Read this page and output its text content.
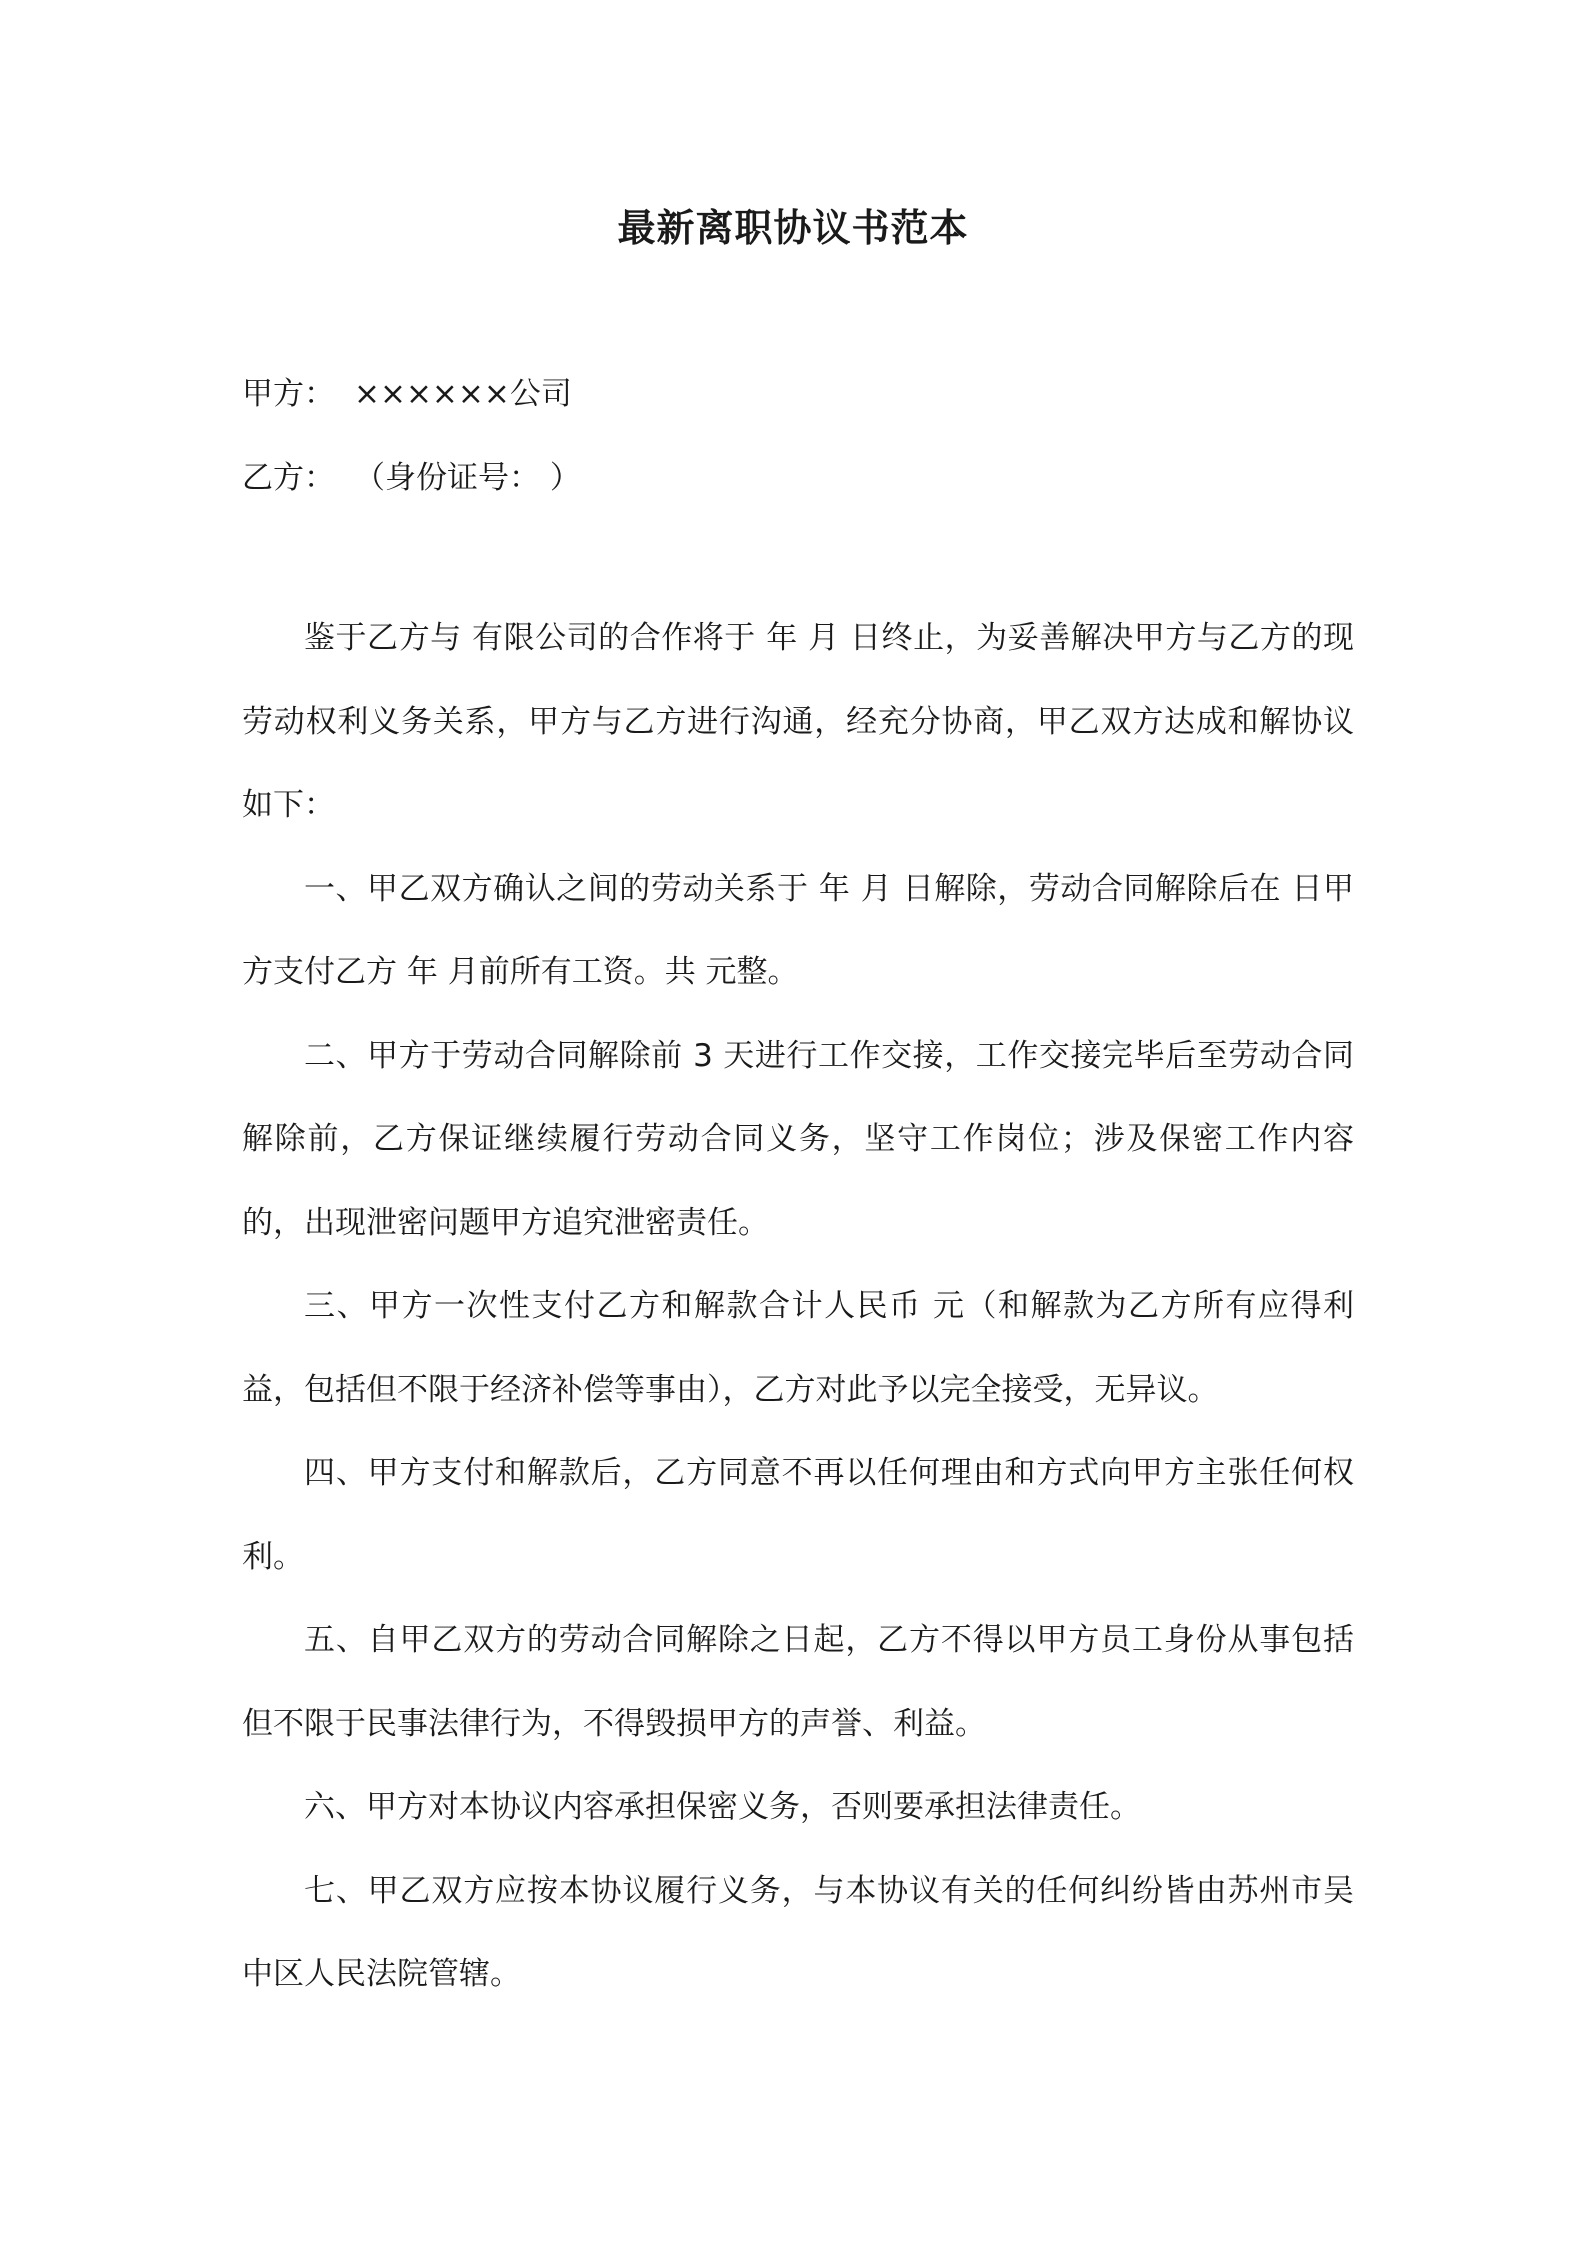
最新离职协议书范本
甲方： ××××××公司
乙方： （身份证号： ）

鉴于乙方与 有限公司的合作将于 年 月 日终止，为妥善解决甲方与乙方的现劳动权利义务关系，甲方与乙方进行沟通，经充分协商，甲乙双方达成和解协议如下：

一、甲乙双方确认之间的劳动关系于 年 月 日解除，劳动合同解除后在 日甲方支付乙方 年 月前所有工资。共 元整。

二、甲方于劳动合同解除前 3 天进行工作交接，工作交接完毕后至劳动合同解除前，乙方保证继续履行劳动合同义务，坚守工作岗位；涉及保密工作内容的，出现泄密问题甲方追究泄密责任。

三、甲方一次性支付乙方和解款合计人民币 元（和解款为乙方所有应得利益，包括但不限于经济补偿等事由），乙方对此予以完全接受，无异议。

四、甲方支付和解款后，乙方同意不再以任何理由和方式向甲方主张任何权利。

五、自甲乙双方的劳动合同解除之日起，乙方不得以甲方员工身份从事包括但不限于民事法律行为，不得毁损甲方的声誉、利益。

六、甲方对本协议内容承担保密义务，否则要承担法律责任。

七、甲乙双方应按本协议履行义务，与本协议有关的任何纠纷皆由苏州市吴中区人民法院管辖。
